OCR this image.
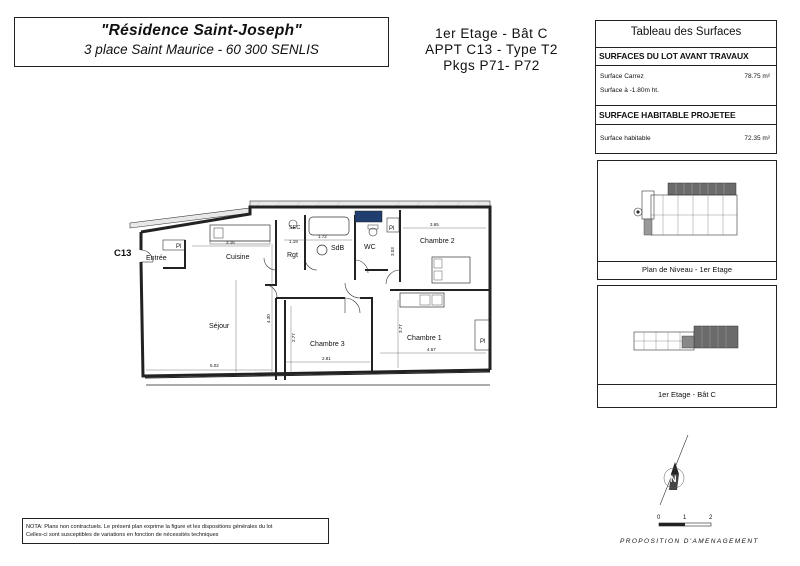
"Résidence Saint-Joseph"
3 place Saint Maurice - 60 300 SENLIS
1er Etage - Bât C
APPT C13 - Type T2
Pkgs P71- P72
Tableau des Surfaces
SURFACES DU LOT AVANT TRAVAUX
Surface Carrez	78.75 m²
Surface à -1.80m ht.
SURFACE HABITABLE PROJETEE
Surface habitable	72.35 m²
Plan de Niveau - 1er Etage
1er Etage - Bât C
C13 Entrée
Pl
Cuisine
Séjour
Rgt
SdB	WC
SEC	Pl
Chambre 2
Chambre 3
Chambre 1	Pl
3.16
1.72
1.19
3.65
4.30
2.77
2.81
3.77
4.67
3.03
5.02
N
0	1	2
NOTA: Plans non contractuels. Le présent plan exprime la figure et les dispositions générales du lot
Celles-ci sont susceptibles de variations en fonction de nécessités techniques
PROPOSITION D'AMENAGEMENT
